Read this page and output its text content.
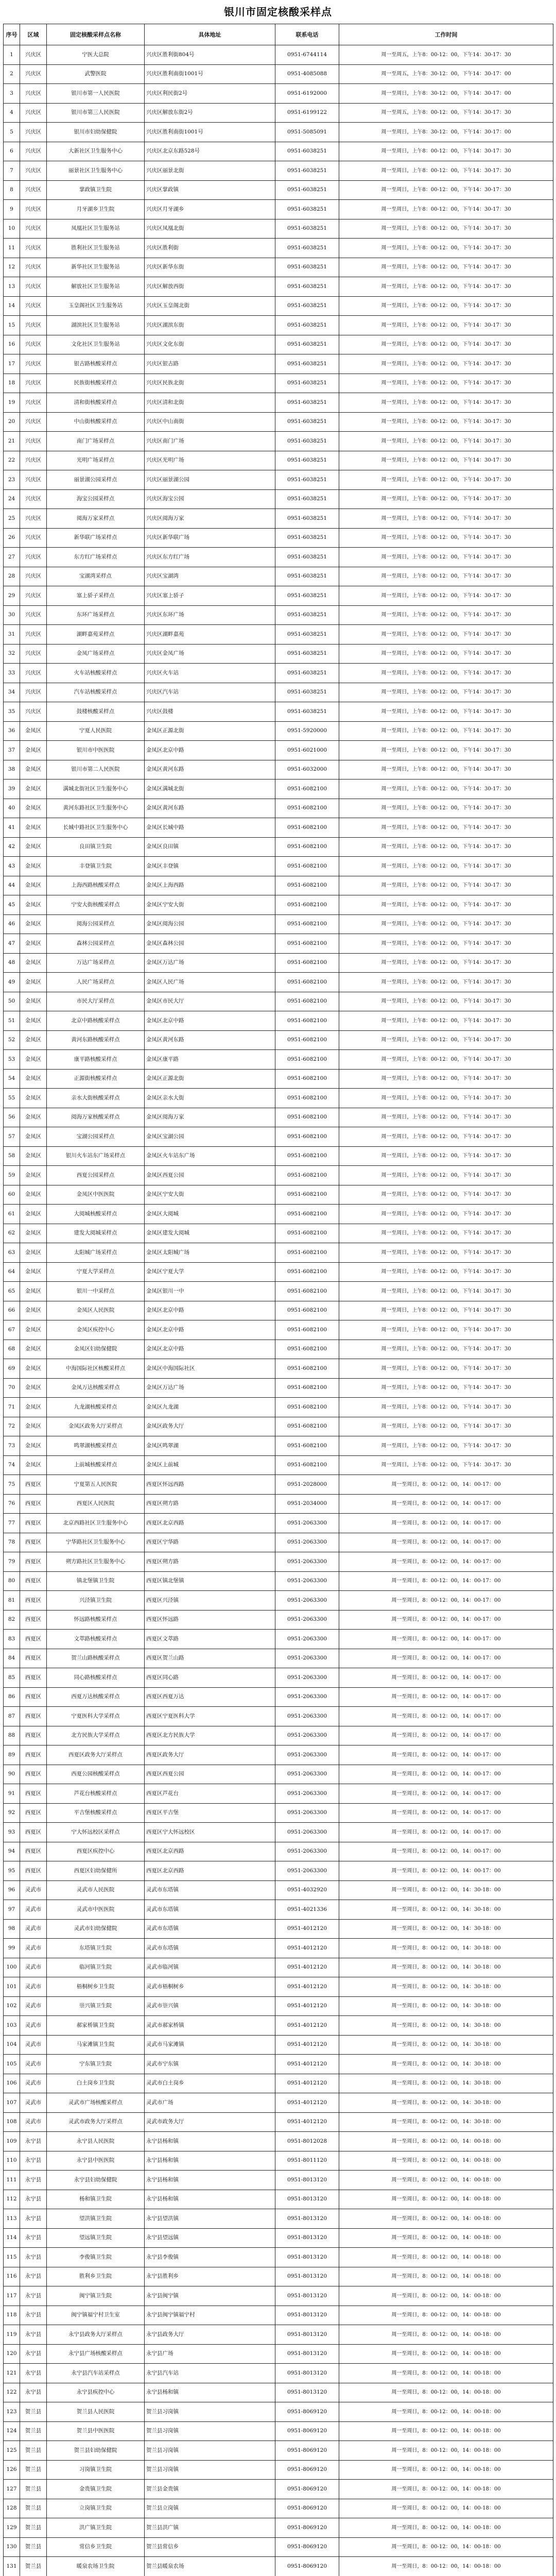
银川市固定核酸采样点
序号	区域	固定核酸采样点名称	具体地址	联系电话	工作时间
1	兴庆区	宁医大总院	兴庆区胜利街804号	0951-6744114	周一至周五，上午8：00-12：00，下午14：30-17：30
2	兴庆区	武警医院	兴庆区胜利南街1001号	0951-4085088	周一至周五，上午8：30-12：00，下午14：30-17：00
3	兴庆区	银川市第一人民医院	兴庆区利民街2号	0951-6192000	周一至周日，上午8：30-12：00，下午14：30-17：00
4	兴庆区	银川市第三人民医院	兴庆区解放东街2号	0951-6199122	周一至周五，上午8：00-12：00，下午14：30-17：30
5	兴庆区	银川市妇幼保健院	兴庆区胜利南街1001号	0951-5085091	周一至周日，上午8：30-12：00，下午14：30-17：00
6	兴庆区	大新社区卫生服务中心	兴庆区北京东路528号	0951-6038251	周一至周日，上午8：00-12：00，下午14：30-17：30
7	兴庆区	丽景社区卫生服务中心	兴庆区丽景北街	0951-6038251	周一至周日，上午8：00-12：00，下午14：30-17：30
8	兴庆区	掌政镇卫生院	兴庆区掌政镇	0951-6038251	周一至周日，上午8：00-12：00，下午14：30-17：30
9	兴庆区	月牙湖乡卫生院	兴庆区月牙湖乡	0951-6038251	周一至周日，上午8：00-12：00，下午14：30-17：30
10	兴庆区	凤凰社区卫生服务站	兴庆区凤凰北街	0951-6038251	周一至周日，上午8：00-12：00，下午14：30-17：30
11	兴庆区	胜利社区卫生服务站	兴庆区胜利街	0951-6038251	周一至周日，上午8：00-12：00，下午14：30-17：30
12	兴庆区	新华社区卫生服务站	兴庆区新华东街	0951-6038251	周一至周日，上午8：00-12：00，下午14：30-17：30
13	兴庆区	解放社区卫生服务站	兴庆区解放西街	0951-6038251	周一至周日，上午8：00-12：00，下午14：30-17：30
14	兴庆区	玉皇阁社区卫生服务站	兴庆区玉皇阁北街	0951-6038251	周一至周日，上午8：00-12：00，下午14：30-17：30
15	兴庆区	湖滨社区卫生服务站	兴庆区湖滨东街	0951-6038251	周一至周日，上午8：00-12：00，下午14：30-17：30
16	兴庆区	文化社区卫生服务站	兴庆区文化东街	0951-6038251	周一至周日，上午8：00-12：00，下午14：30-17：30
17	兴庆区	银古路核酸采样点	兴庆区银古路	0951-6038251	周一至周日，上午8：00-12：00，下午14：30-17：30
18	兴庆区	民族街核酸采样点	兴庆区民族北街	0951-6038251	周一至周日，上午8：00-12：00，下午14：30-17：30
19	兴庆区	清和街核酸采样点	兴庆区清和北街	0951-6038251	周一至周日，上午8：00-12：00，下午14：30-17：30
20	兴庆区	中山街核酸采样点	兴庆区中山南街	0951-6038251	周一至周日，上午8：00-12：00，下午14：30-17：30
21	兴庆区	南门广场采样点	兴庆区南门广场	0951-6038251	周一至周日，上午8：00-12：00，下午14：30-17：30
22	兴庆区	光明广场采样点	兴庆区光明广场	0951-6038251	周一至周日，上午8：00-12：00，下午14：30-17：30
23	兴庆区	丽景湖公园采样点	兴庆区丽景湖公园	0951-6038251	周一至周日，上午8：00-12：00，下午14：30-17：30
24	兴庆区	海宝公园采样点	兴庆区海宝公园	0951-6038251	周一至周日，上午8：00-12：00，下午14：30-17：30
25	兴庆区	阅海万家采样点	兴庆区阅海万家	0951-6038251	周一至周日，上午8：00-12：00，下午14：30-17：30
26	兴庆区	新华联广场采样点	兴庆区新华联广场	0951-6038251	周一至周日，上午8：00-12：00，下午14：30-17：30
27	兴庆区	东方红广场采样点	兴庆区东方红广场	0951-6038251	周一至周日，上午8：00-12：00，下午14：30-17：30
28	兴庆区	宝湖湾采样点	兴庆区宝湖湾	0951-6038251	周一至周日，上午8：00-12：00，下午14：30-17：30
29	兴庆区	塞上骄子采样点	兴庆区塞上骄子	0951-6038251	周一至周日，上午8：00-12：00，下午14：30-17：30
30	兴庆区	东环广场采样点	兴庆区东环广场	0951-6038251	周一至周日，上午8：00-12：00，下午14：30-17：30
31	兴庆区	湖畔嘉苑采样点	兴庆区湖畔嘉苑	0951-6038251	周一至周日，上午8：00-12：00，下午14：30-17：30
32	兴庆区	金凤广场采样点	兴庆区金凤广场	0951-6038251	周一至周日，上午8：00-12：00，下午14：30-17：30
33	兴庆区	火车站核酸采样点	兴庆区火车站	0951-6038251	周一至周日，上午8：00-12：00，下午14：30-17：30
34	兴庆区	汽车站核酸采样点	兴庆区汽车站	0951-6038251	周一至周日，上午8：00-12：00，下午14：30-17：30
35	兴庆区	鼓楼核酸采样点	兴庆区鼓楼	0951-6038251	周一至周日，上午8：00-12：00，下午14：30-17：30
36	金凤区	宁夏人民医院	金凤区正源北街	0951-5920000	周一至周日，上午8：00-12：00，下午14：30-17：30
37	金凤区	银川市中医医院	金凤区北京中路	0951-6021000	周一至周日，上午8：00-12：00，下午14：30-17：30
38	金凤区	银川市第二人民医院	金凤区黄河东路	0951-6032000	周一至周日，上午8：00-12：00，下午14：30-17：30
39	金凤区	满城北街社区卫生服务中心	金凤区满城北街	0951-6082100	周一至周日，上午8：00-12：00，下午14：30-17：30
40	金凤区	黄河东路社区卫生服务中心	金凤区黄河东路	0951-6082100	周一至周日，上午8：00-12：00，下午14：30-17：30
41	金凤区	长城中路社区卫生服务中心	金凤区长城中路	0951-6082100	周一至周日，上午8：00-12：00，下午14：30-17：30
42	金凤区	良田镇卫生院	金凤区良田镇	0951-6082100	周一至周日，上午8：00-12：00，下午14：30-17：30
43	金凤区	丰登镇卫生院	金凤区丰登镇	0951-6082100	周一至周日，上午8：00-12：00，下午14：30-17：30
44	金凤区	上海西路核酸采样点	金凤区上海西路	0951-6082100	周一至周日，上午8：00-12：00，下午14：30-17：30
45	金凤区	宁安大街核酸采样点	金凤区宁安大街	0951-6082100	周一至周日，上午8：00-12：00，下午14：30-17：30
46	金凤区	阅海公园采样点	金凤区阅海公园	0951-6082100	周一至周日，上午8：00-12：00，下午14：30-17：30
47	金凤区	森林公园采样点	金凤区森林公园	0951-6082100	周一至周日，上午8：00-12：00，下午14：30-17：30
48	金凤区	万达广场采样点	金凤区万达广场	0951-6082100	周一至周日，上午8：00-12：00，下午14：30-17：30
49	金凤区	人民广场采样点	金凤区人民广场	0951-6082100	周一至周日，上午8：00-12：00，下午14：30-17：30
50	金凤区	市民大厅采样点	金凤区市民大厅	0951-6082100	周一至周日，上午8：00-12：00，下午14：30-17：30
51	金凤区	北京中路核酸采样点	金凤区北京中路	0951-6082100	周一至周日，上午8：00-12：00，下午14：30-17：30
52	金凤区	黄河东路核酸采样点	金凤区黄河东路	0951-6082100	周一至周日，上午8：00-12：00，下午14：30-17：30
53	金凤区	康平路核酸采样点	金凤区康平路	0951-6082100	周一至周日，上午8：00-12：00，下午14：30-17：30
54	金凤区	正源街核酸采样点	金凤区正源北街	0951-6082100	周一至周日，上午8：00-12：00，下午14：30-17：30
55	金凤区	亲水大街核酸采样点	金凤区亲水大街	0951-6082100	周一至周日，上午8：00-12：00，下午14：30-17：30
56	金凤区	阅海万家核酸采样点	金凤区阅海万家	0951-6082100	周一至周日，上午8：00-12：00，下午14：30-17：30
57	金凤区	宝湖公园采样点	金凤区宝湖公园	0951-6082100	周一至周日，上午8：00-12：00，下午14：30-17：30
58	金凤区	银川火车站东广场采样点	金凤区火车站东广场	0951-6082100	周一至周日，上午8：00-12：00，下午14：30-17：30
59	金凤区	西夏公园采样点	金凤区西夏公园	0951-6082100	周一至周日，上午8：00-12：00，下午14：30-17：30
60	金凤区	金凤区中医医院	金凤区宁安大街	0951-6082100	周一至周日，上午8：00-12：00，下午14：30-17：30
61	金凤区	大阅城核酸采样点	金凤区大阅城	0951-6082100	周一至周日，上午8：00-12：00，下午14：30-17：30
62	金凤区	建发大阅城采样点	金凤区建发大阅城	0951-6082100	周一至周日，上午8：00-12：00，下午14：30-17：30
63	金凤区	太阳城广场采样点	金凤区太阳城广场	0951-6082100	周一至周日，上午8：00-12：00，下午14：30-17：30
64	金凤区	宁夏大学采样点	金凤区宁夏大学	0951-6082100	周一至周日，上午8：00-12：00，下午14：30-17：30
65	金凤区	银川一中采样点	金凤区银川一中	0951-6082100	周一至周日，上午8：00-12：00，下午14：30-17：30
66	金凤区	金凤区人民医院	金凤区北京中路	0951-6082100	周一至周日，上午8：00-12：00，下午14：30-17：30
67	金凤区	金凤区疾控中心	金凤区北京中路	0951-6082100	周一至周日，上午8：00-12：00，下午14：30-17：30
68	金凤区	金凤区妇幼保健院	金凤区北京中路	0951-6082100	周一至周日，上午8：00-12：00，下午14：30-17：30
69	金凤区	中海国际社区核酸采样点	金凤区中海国际社区	0951-6082100	周一至周日，上午8：00-12：00，下午14：30-17：30
70	金凤区	金凤万达核酸采样点	金凤区万达广场	0951-6082100	周一至周日，上午8：00-12：00，下午14：30-17：30
71	金凤区	九龙湖核酸采样点	金凤区九龙湖	0951-6082100	周一至周日，上午8：00-12：00，下午14：30-17：30
72	金凤区	金凤区政务大厅采样点	金凤区政务大厅	0951-6082100	周一至周日，上午8：00-12：00，下午14：30-17：30
73	金凤区	鸣翠湖核酸采样点	金凤区鸣翠湖	0951-6082100	周一至周日，上午8：00-12：00，下午14：30-17：30
74	金凤区	上前城核酸采样点	金凤区上前城	0951-6082100	周一至周日，上午8：00-12：00，下午14：30-17：30
75	西夏区	宁夏第五人民医院	西夏区怀远西路	0951-2028000	周一至周日，8：00-12：00，14：00-17：00
76	西夏区	西夏区人民医院	西夏区朔方路	0951-2034000	周一至周日，8：00-12：00，14：00-17：00
77	西夏区	北京西路社区卫生服务中心	西夏区北京西路	0951-2063300	周一至周日，8：00-12：00，14：00-17：00
78	西夏区	宁华路社区卫生服务中心	西夏区宁华路	0951-2063300	周一至周日，8：00-12：00，14：00-17：00
79	西夏区	朔方路社区卫生服务中心	西夏区朔方路	0951-2063300	周一至周日，8：00-12：00，14：00-17：00
80	西夏区	镇北堡镇卫生院	西夏区镇北堡镇	0951-2063300	周一至周日，8：00-12：00，14：00-17：00
81	西夏区	兴泾镇卫生院	西夏区兴泾镇	0951-2063300	周一至周日，8：00-12：00，14：00-17：00
82	西夏区	怀远路核酸采样点	西夏区怀远路	0951-2063300	周一至周日，8：00-12：00，14：00-17：00
83	西夏区	文萃路核酸采样点	西夏区文萃路	0951-2063300	周一至周日，8：00-12：00，14：00-17：00
84	西夏区	贺兰山路核酸采样点	西夏区贺兰山路	0951-2063300	周一至周日，8：00-12：00，14：00-17：00
85	西夏区	同心路核酸采样点	西夏区同心路	0951-2063300	周一至周日，8：00-12：00，14：00-17：00
86	西夏区	西夏万达核酸采样点	西夏区西夏万达	0951-2063300	周一至周日，8：00-12：00，14：00-17：00
87	西夏区	宁夏医科大学采样点	西夏区宁夏医科大学	0951-2063300	周一至周日，8：00-12：00，14：00-17：00
88	西夏区	北方民族大学采样点	西夏区北方民族大学	0951-2063300	周一至周日，8：00-12：00，14：00-17：00
89	西夏区	西夏区政务大厅采样点	西夏区政务大厅	0951-2063300	周一至周日，8：00-12：00，14：00-17：00
90	西夏区	西夏公园核酸采样点	西夏区西夏公园	0951-2063300	周一至周日，8：00-12：00，14：00-17：00
91	西夏区	芦花台核酸采样点	西夏区芦花台	0951-2063300	周一至周日，8：00-12：00，14：00-17：00
92	西夏区	平吉堡核酸采样点	西夏区平吉堡	0951-2063300	周一至周日，8：00-12：00，14：00-17：00
93	西夏区	宁大怀远校区采样点	西夏区宁大怀远校区	0951-2063300	周一至周日，8：00-12：00，14：00-17：00
94	西夏区	西夏区疾控中心	西夏区北京西路	0951-2063300	周一至周日，8：00-12：00，14：00-17：00
95	西夏区	西夏区妇幼保健所	西夏区北京西路	0951-2063300	周一至周日，8：00-12：00，14：00-17：00
96	灵武市	灵武市人民医院	灵武市东塔镇	0951-4032920	周一至周日，8：00-12：00，14：30-18：00
97	灵武市	灵武市中医医院	灵武市东塔镇	0951-4021336	周一至周日，8：00-12：00，14：30-18：00
98	灵武市	灵武市妇幼保健院	灵武市东塔镇	0951-4012120	周一至周日，8：00-12：00，14：30-18：00
99	灵武市	东塔镇卫生院	灵武市东塔镇	0951-4012120	周一至周日，8：00-12：00，14：30-18：00
100	灵武市	临河镇卫生院	灵武市临河镇	0951-4012120	周一至周日，8：00-12：00，14：30-18：00
101	灵武市	梧桐树乡卫生院	灵武市梧桐树乡	0951-4012120	周一至周日，8：00-12：00，14：30-18：00
102	灵武市	崇兴镇卫生院	灵武市崇兴镇	0951-4012120	周一至周日，8：00-12：00，14：30-18：00
103	灵武市	郝家桥镇卫生院	灵武市郝家桥镇	0951-4012120	周一至周日，8：00-12：00，14：30-18：00
104	灵武市	马家滩镇卫生院	灵武市马家滩镇	0951-4012120	周一至周日，8：00-12：00，14：30-18：00
105	灵武市	宁东镇卫生院	灵武市宁东镇	0951-4012120	周一至周日，8：00-12：00，14：30-18：00
106	灵武市	白土岗乡卫生院	灵武市白土岗乡	0951-4012120	周一至周日，8：00-12：00，14：30-18：00
107	灵武市	灵武市广场核酸采样点	灵武市广场	0951-4012120	周一至周日，8：00-12：00，14：30-18：00
108	灵武市	灵武市政务大厅采样点	灵武市政务大厅	0951-4012120	周一至周日，8：00-12：00，14：30-18：00
109	永宁县	永宁县人民医院	永宁县杨和镇	0951-8012028	周一至周日，8：00-12：00，14：00-18：00
110	永宁县	永宁县中医医院	永宁县杨和镇	0951-8011120	周一至周日，8：00-12：00，14：00-18：00
111	永宁县	永宁县妇幼保健院	永宁县杨和镇	0951-8013120	周一至周日，8：00-12：00，14：00-18：00
112	永宁县	杨和镇卫生院	永宁县杨和镇	0951-8013120	周一至周日，8：00-12：00，14：00-18：00
113	永宁县	望洪镇卫生院	永宁县望洪镇	0951-8013120	周一至周日，8：00-12：00，14：00-18：00
114	永宁县	望远镇卫生院	永宁县望远镇	0951-8013120	周一至周日，8：00-12：00，14：00-18：00
115	永宁县	李俊镇卫生院	永宁县李俊镇	0951-8013120	周一至周日，8：00-12：00，14：00-18：00
116	永宁县	胜利乡卫生院	永宁县胜利乡	0951-8013120	周一至周日，8：00-12：00，14：00-18：00
117	永宁县	闽宁镇卫生院	永宁县闽宁镇	0951-8013120	周一至周日，8：00-12：00，14：00-18：00
118	永宁县	闽宁镇福宁村卫生室	永宁县闽宁镇福宁村	0951-8013120	周一至周日，8：00-12：00，14：00-18：00
119	永宁县	永宁县政务大厅采样点	永宁县政务大厅	0951-8013120	周一至周日，8：00-12：00，14：00-18：00
120	永宁县	永宁县广场核酸采样点	永宁县广场	0951-8013120	周一至周日，8：00-12：00，14：00-18：00
121	永宁县	永宁县汽车站采样点	永宁县汽车站	0951-8013120	周一至周日，8：00-12：00，14：00-18：00
122	永宁县	永宁县疾控中心	永宁县杨和镇	0951-8013120	周一至周日，8：00-12：00，14：00-18：00
123	贺兰县	贺兰县人民医院	贺兰县习岗镇	0951-8069120	周一至周日，8：00-12：00，14：00-18：00
124	贺兰县	贺兰县中医医院	贺兰县习岗镇	0951-8069120	周一至周日，8：00-12：00，14：00-18：00
125	贺兰县	贺兰县妇幼保健院	贺兰县习岗镇	0951-8069120	周一至周日，8：00-12：00，14：00-18：00
126	贺兰县	习岗镇卫生院	贺兰县习岗镇	0951-8069120	周一至周日，8：00-12：00，14：00-18：00
127	贺兰县	金贵镇卫生院	贺兰县金贵镇	0951-8069120	周一至周日，8：00-12：00，14：00-18：00
128	贺兰县	立岗镇卫生院	贺兰县立岗镇	0951-8069120	周一至周日，8：00-12：00，14：00-18：00
129	贺兰县	洪广镇卫生院	贺兰县洪广镇	0951-8069120	周一至周日，8：00-12：00，14：00-18：00
130	贺兰县	常信乡卫生院	贺兰县常信乡	0951-8069120	周一至周日，8：00-12：00，14：00-18：00
131	贺兰县	暖泉农场卫生院	贺兰县暖泉农场	0951-8069120	周一至周日，8：00-12：00，14：00-18：00
